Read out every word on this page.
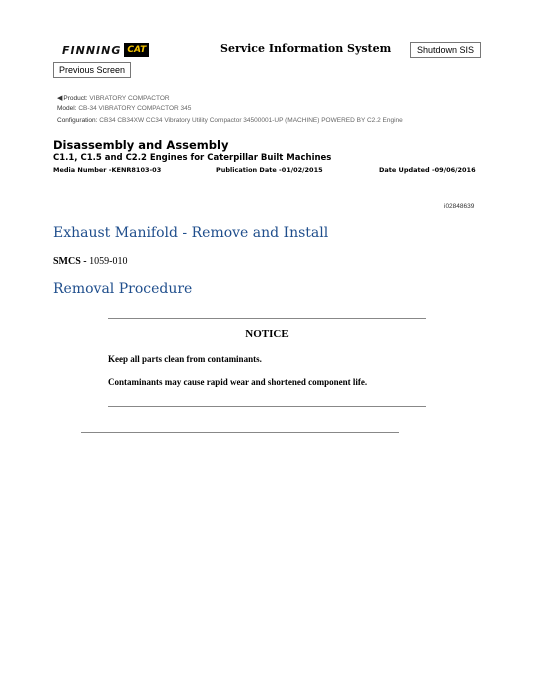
FINNING CAT	Service Information System	Shutdown SIS
Previous Screen
◀Product: VIBRATORY COMPACTOR
Model: CB-34 VIBRATORY COMPACTOR 345
Configuration: CB34 CB34XW CC34 Vibratory Utility Compactor 34500001-UP (MACHINE) POWERED BY C2.2 Engine
Disassembly and Assembly
C1.1, C1.5 and C2.2 Engines for Caterpillar Built Machines
Media Number -KENR8103-03	Publication Date -01/02/2015	Date Updated -09/06/2016
i02848639
Exhaust Manifold - Remove and Install
SMCS - 1059-010
Removal Procedure
NOTICE
Keep all parts clean from contaminants.
Contaminants may cause rapid wear and shortened component life.
